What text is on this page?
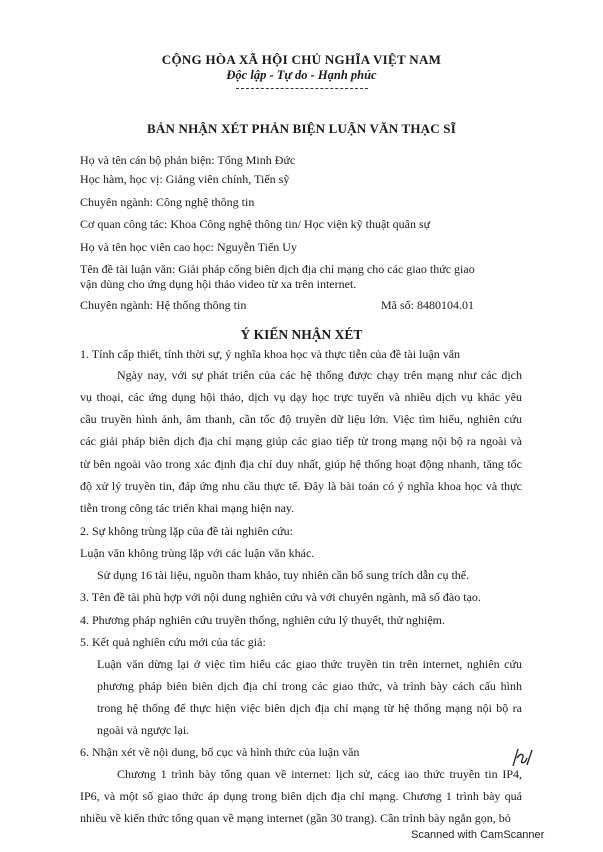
CỘNG HÒA XÃ HỘI CHỦ NGHĨA VIỆT NAM
Độc lập - Tự do - Hạnh phúc
BẢN NHẬN XÉT PHẢN BIỆN LUẬN VĂN THẠC SĨ
Họ và tên cán bộ phản biện: Tống Minh Đức
Học hàm, học vị: Giảng viên chính, Tiến sỹ
Chuyên ngành: Công nghệ thông tin
Cơ quan công tác: Khoa Công nghệ thông tin/ Học viện kỹ thuật quân sự
Họ và tên học viên cao học: Nguyễn Tiến Uy
Tên đề tài luận văn: Giải pháp cổng biên dịch địa chỉ mạng cho các giao thức giao
vận dùng cho ứng dụng hội thảo video từ xa trên internet.
Chuyên ngành: Hệ thống thông tin	Mã số: 8480104.01
Ý KIẾN NHẬN XÉT
1. Tính cấp thiết, tính thời sự, ý nghĩa khoa học và thực tiễn của đề tài luận văn
Ngày nay, với sự phát triển của các hệ thống được chạy trên mạng như các dịch
vụ thoại, các ứng dụng hội thảo, dịch vụ dạy học trực tuyến và nhiều dịch vụ khác yêu
cầu truyền hình ảnh, âm thanh, cần tốc độ truyền dữ liệu lớn. Việc tìm hiểu, nghiên cứu
các giải pháp biên dịch địa chỉ mạng giúp các giao tiếp từ trong mạng nội bộ ra ngoài và
từ bên ngoài vào trong xác định địa chỉ duy nhất, giúp hệ thống hoạt động nhanh, tăng tốc
độ xử lý truyền tin, đáp ứng nhu cầu thực tế. Đây là bài toán có ý nghĩa khoa học và thực
tiễn trong công tác triển khai mạng hiện nay.
2. Sự không trùng lặp của đề tài nghiên cứu:
Luận văn không trùng lặp với các luận văn khác.
Sử dụng 16 tài liệu, nguồn tham khảo, tuy nhiên cần bổ sung trích dẫn cụ thể.
3. Tên đề tài phù hợp với nội dung nghiên cứu và với chuyên ngành, mã số đào tạo.
4. Phương pháp nghiên cứu truyền thống, nghiên cứu lý thuyết, thử nghiệm.
5. Kết quả nghiên cứu mới của tác giả:
Luận văn dừng lại ở việc tìm hiểu các giao thức truyền tin trên internet, nghiên cứu
phương pháp biên biên dịch địa chỉ trong các giao thức, và trình bày cách cấu hình
trong hệ thống để thực hiện việc biên dịch địa chỉ mạng từ hệ thống mạng nội bộ ra
ngoài và ngược lại.
6. Nhận xét về nội dung, bố cục và hình thức của luận văn
Chương 1 trình bày tổng quan về internet: lịch sử, cácg iao thức truyền tin IP4,
IP6, và một số giao thức áp dụng trong biên dịch địa chỉ mạng. Chương 1 trình bày quá
nhiều về kiến thức tổng quan về mạng internet (gần 30 trang). Cần trình bày ngắn gọn, bỏ
Scanned with CamScanner
